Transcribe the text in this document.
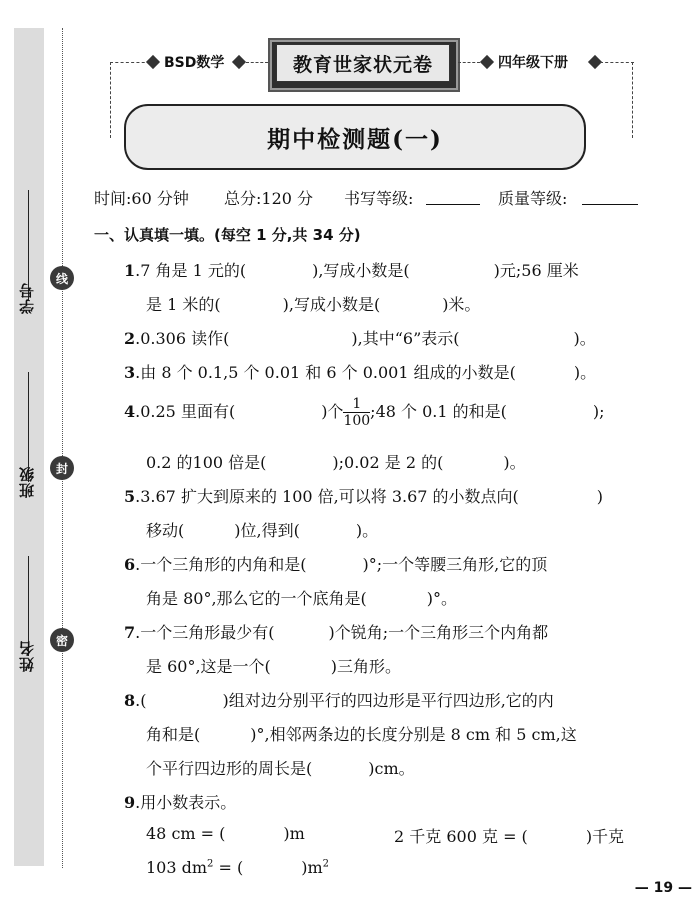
学号
班级
姓名
线
封
密
BSD数学	教育世家状元卷	四年级下册
期中检测题(一)
时间:60 分钟 总分:120 分 书写等级:	质量等级:
一、认真填一填。(每空 1 分,共 34 分)
1.7 角是 1 元的(	),写成小数是(	)元;56 厘米
是 1 米的(	),写成小数是(	)米。
2.0.306 读作(	),其中“6”表示(	)。
3.由 8 个 0.1,5 个 0.01 和 6 个 0.001 组成的小数是(	)。
4.0.25 里面有(	)个 $\frac{1}{100}$ ;48 个 0.1 的和是(	);
0.2 的100 倍是(	);0.02 是 2 的(	)。
5.3.67 扩大到原来的 100 倍,可以将 3.67 的小数点向(	)
移动(	)位,得到(	)。
6.一个三角形的内角和是(	)°;一个等腰三角形,它的顶
角是 80°,那么它的一个底角是(	)°。
7.一个三角形最少有(	)个锐角;一个三角形三个内角都
是 60°,这是一个(	)三角形。
8.(	)组对边分别平行的四边形是平行四边形,它的内
角和是(	)°,相邻两条边的长度分别是 8 cm 和 5 cm,这
个平行四边形的周长是(	)cm。
9.用小数表示。
48 cm = (	)m	2 千克 600 克 = (	)千克
103 $dm^2$ = (	)$m^2$
— 19 —
